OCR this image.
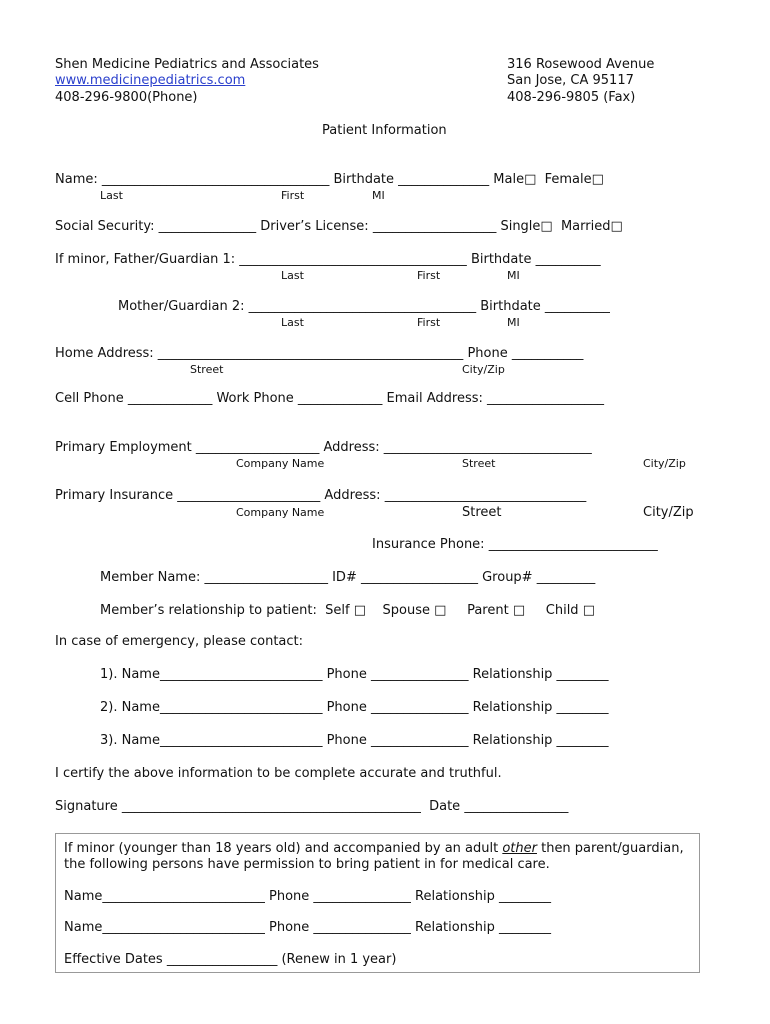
Shen Medicine Pediatrics and Associates
www.medicinepediatrics.com
408-296-9800(Phone)
316 Rosewood Avenue
San Jose, CA 95117
408-296-9805 (Fax)
Patient Information
Name: ___________________________________ Birthdate ______________ Male□  Female□
Last	First	MI
Social Security: _______________ Driver’s License: ___________________ Single□  Married□
If minor, Father/Guardian 1: ___________________________________ Birthdate __________
Last	First	MI
Mother/Guardian 2: ___________________________________ Birthdate __________
Last	First	MI
Home Address: _______________________________________________ Phone ___________
Street	City/Zip
Cell Phone _____________ Work Phone _____________ Email Address: __________________
Primary Employment ___________________ Address: ________________________________
Company Name	Street	City/Zip
Primary Insurance ______________________ Address: _______________________________
Company Name	Street	City/Zip
Insurance Phone: __________________________
Member Name: ___________________ ID# __________________ Group# _________
Member’s relationship to patient:  Self □    Spouse □     Parent □     Child □
In case of emergency, please contact:
1). Name_________________________ Phone _______________ Relationship ________
2). Name_________________________ Phone _______________ Relationship ________
3). Name_________________________ Phone _______________ Relationship ________
I certify the above information to be complete accurate and truthful.
Signature ______________________________________________  Date ________________
If minor (younger than 18 years old) and accompanied by an adult other then parent/guardian,
the following persons have permission to bring patient in for medical care.
Name_________________________ Phone _______________ Relationship ________
Name_________________________ Phone _______________ Relationship ________
Effective Dates _________________ (Renew in 1 year)
